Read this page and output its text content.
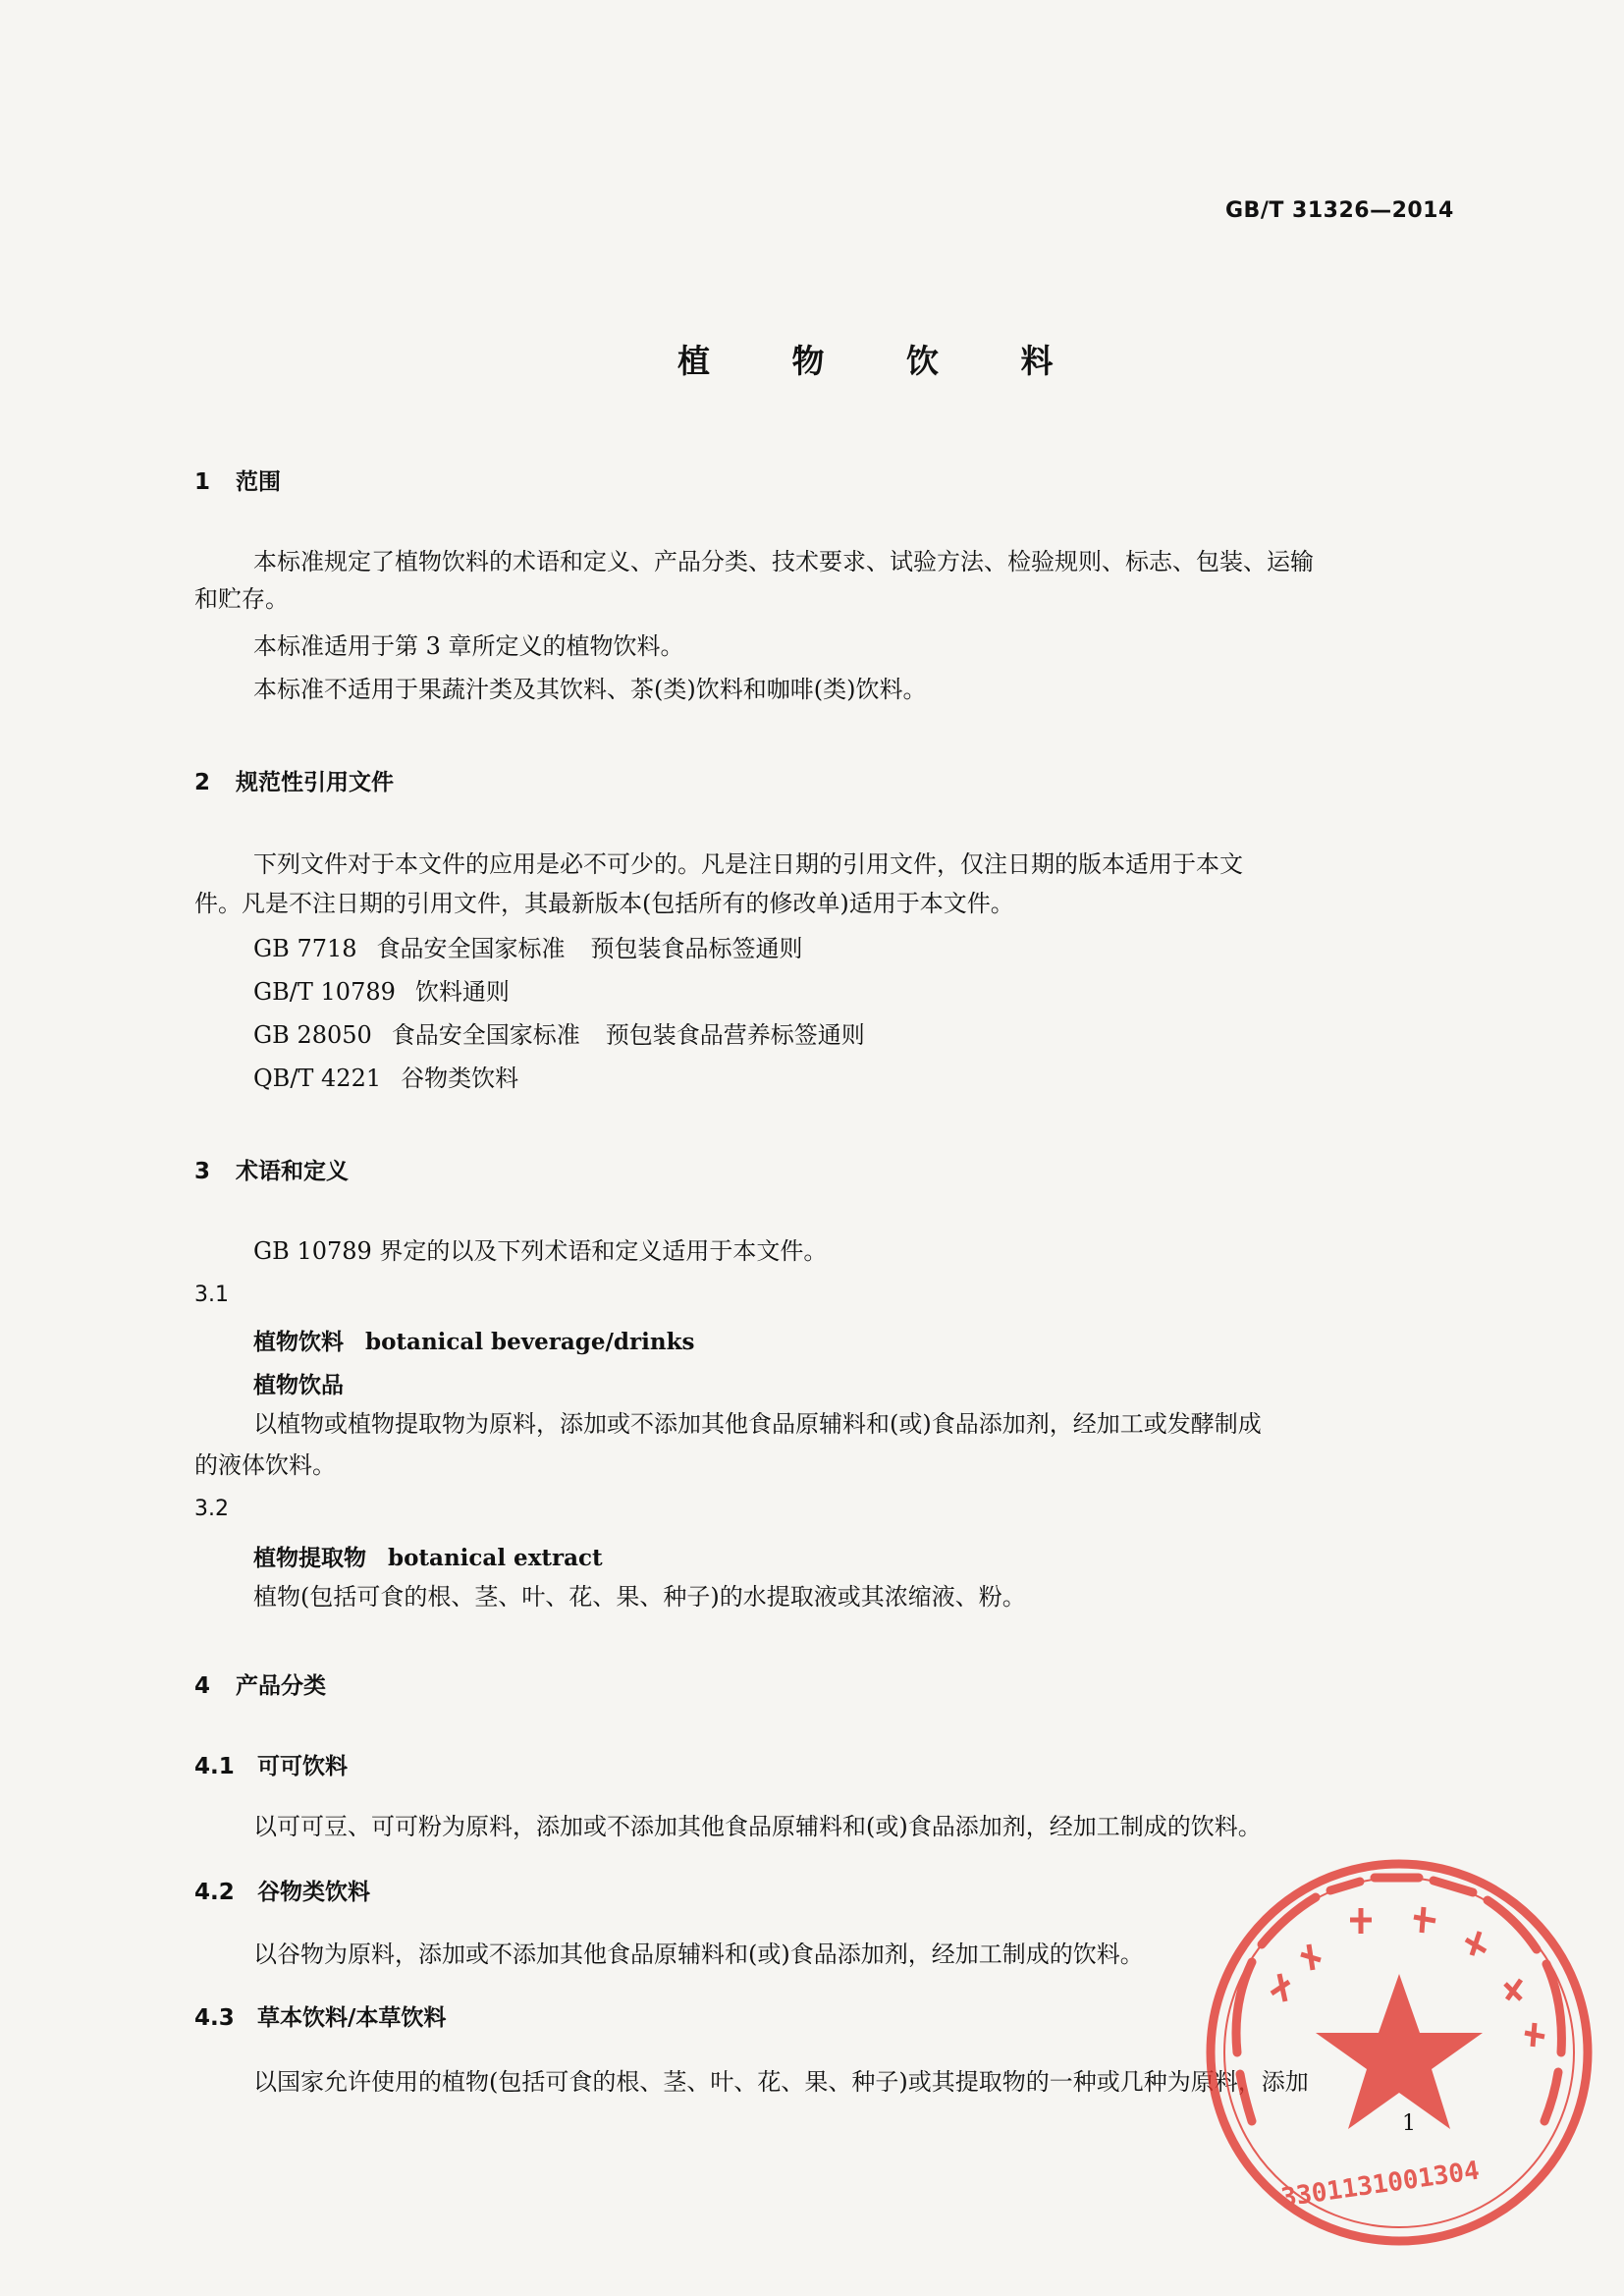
GB/T 31326—2014
植 物 饮 料
1 范围
本标准规定了植物饮料的术语和定义、产品分类、技术要求、试验方法、检验规则、标志、包装、运输
和贮存。
本标准适用于第 3 章所定义的植物饮料。
本标准不适用于果蔬汁类及其饮料、茶(类)饮料和咖啡(类)饮料。
2 规范性引用文件
下列文件对于本文件的应用是必不可少的。凡是注日期的引用文件，仅注日期的版本适用于本文
件。凡是不注日期的引用文件，其最新版本(包括所有的修改单)适用于本文件。
GB 7718 食品安全国家标准 预包装食品标签通则
GB/T 10789 饮料通则
GB 28050 食品安全国家标准 预包装食品营养标签通则
QB/T 4221 谷物类饮料
3 术语和定义
GB 10789 界定的以及下列术语和定义适用于本文件。
3.1
植物饮料 botanical beverage/drinks
植物饮品
以植物或植物提取物为原料，添加或不添加其他食品原辅料和(或)食品添加剂，经加工或发酵制成
的液体饮料。
3.2
植物提取物 botanical extract
植物(包括可食的根、茎、叶、花、果、种子)的水提取液或其浓缩液、粉。
4 产品分类
4.1 可可饮料
以可可豆、可可粉为原料，添加或不添加其他食品原辅料和(或)食品添加剂，经加工制成的饮料。
4.2 谷物类饮料
以谷物为原料，添加或不添加其他食品原辅料和(或)食品添加剂，经加工制成的饮料。
4.3 草本饮料/本草饮料
以国家允许使用的植物(包括可食的根、茎、叶、花、果、种子)或其提取物的一种或几种为原料，添加
1
3301131001304
